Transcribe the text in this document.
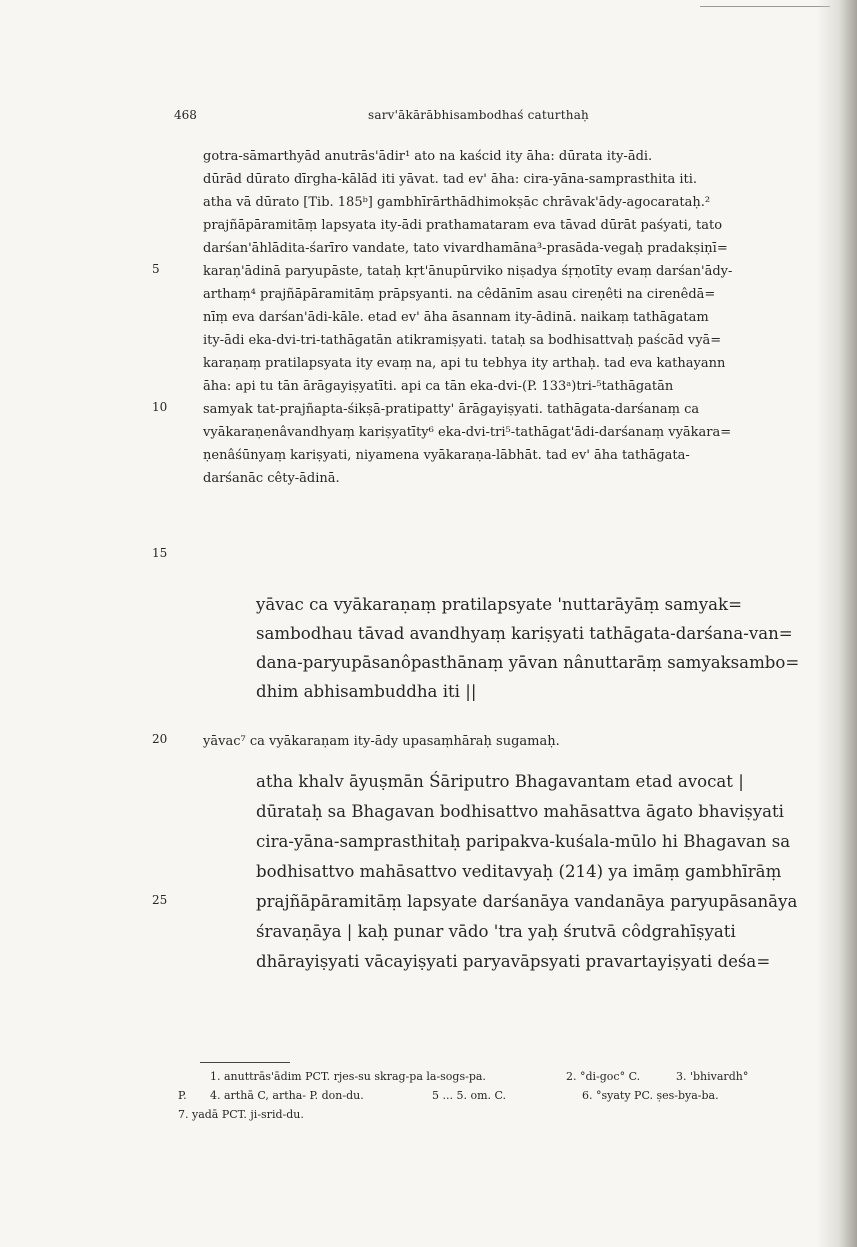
468	sarv'ākārābhisambodhaś caturthaḥ
5
10
15
20
25
gotra-sāmarthyād anutrās'ādir¹ ato na kaścid ity āha: dūrata ity-ādi.
dūrād dūrato dīrgha-kālād iti yāvat. tad ev' āha: cira-yāna-samprasthita iti.
atha vā dūrato [Tib. 185ᵇ] gambhīrārthādhimokṣāc chrāvak'ādy-agocarataḥ.²
prajñāpāramitāṃ lapsyata ity-ādi prathamataram eva tāvad dūrāt paśyati, tato
darśan'āhlādita-śarīro vandate, tato vivardhamāna³-prasāda-vegaḥ pradakṣiṇī=
karaṇ'ādinā paryupāste, tataḥ kṛt'ānupūrviko niṣadya śṛṇotīty evaṃ darśan'ādy-
arthaṃ⁴ prajñāpāramitāṃ prāpsyanti. na cêdānīm asau cireṇêti na cirenêdā=
nīṃ eva darśan'ādi-kāle. etad ev' āha āsannam ity-ādinā. naikaṃ tathāgatam
ity-ādi eka-dvi-tri-tathāgatān atikramiṣyati. tataḥ sa bodhisattvaḥ paścād vyā=
karaṇaṃ pratilapsyata ity evaṃ na, api tu tebhya ity arthaḥ. tad eva kathayann
āha: api tu tān ārāgayiṣyatīti. api ca tān eka-dvi-(P. 133ᵃ)tri-⁵tathāgatān
samyak tat-prajñapta-śikṣā-pratipatty' ārāgayiṣyati. tathāgata-darśanaṃ ca
vyākaraṇenâvandhyaṃ kariṣyatīty⁶ eka-dvi-tri⁵-tathāgat'ādi-darśanaṃ vyākara=
ṇenâśūnyaṃ kariṣyati, niyamena vyākaraṇa-lābhāt. tad ev' āha tathāgata-
darśanāc cêty-ādinā.
yāvac ca vyākaraṇaṃ pratilapsyate 'nuttarāyāṃ samyak=
sambodhau tāvad avandhyaṃ kariṣyati tathāgata-darśana-van=
dana-paryupāsanôpasthānaṃ yāvan nânuttarāṃ samyaksambo=
dhim abhisambuddha iti ||
yāvac⁷ ca vyākaraṇam ity-ādy upasaṃhāraḥ sugamaḥ.
atha khalv āyuṣmān Śāriputro Bhagavantam etad avocat |
dūrataḥ sa Bhagavan bodhisattvo mahāsattva āgato bhaviṣyati
cira-yāna-samprasthitaḥ paripakva-kuśala-mūlo hi Bhagavan sa
bodhisattvo mahāsattvo veditavyaḥ (214) ya imāṃ gambhīrāṃ
prajñāpāramitāṃ lapsyate darśanāya vandanāya paryupāsanāya
śravaṇāya | kaḥ punar vādo 'tra yaḥ śrutvā côdgrahīṣyati
dhārayiṣyati vācayiṣyati paryavāpsyati pravartayiṣyati deśa=
1. anuttrās'ādim PCT. rjes-su skrag-pa la-sogs-pa.	2. °di-goc° C.	3. 'bhivardh°
P. 4. arthā C, artha- P. don-du.	5 ... 5. om. C.	6. °syaty PC. ṣes-bya-ba.
7. yadā PCT. ji-srid-du.
